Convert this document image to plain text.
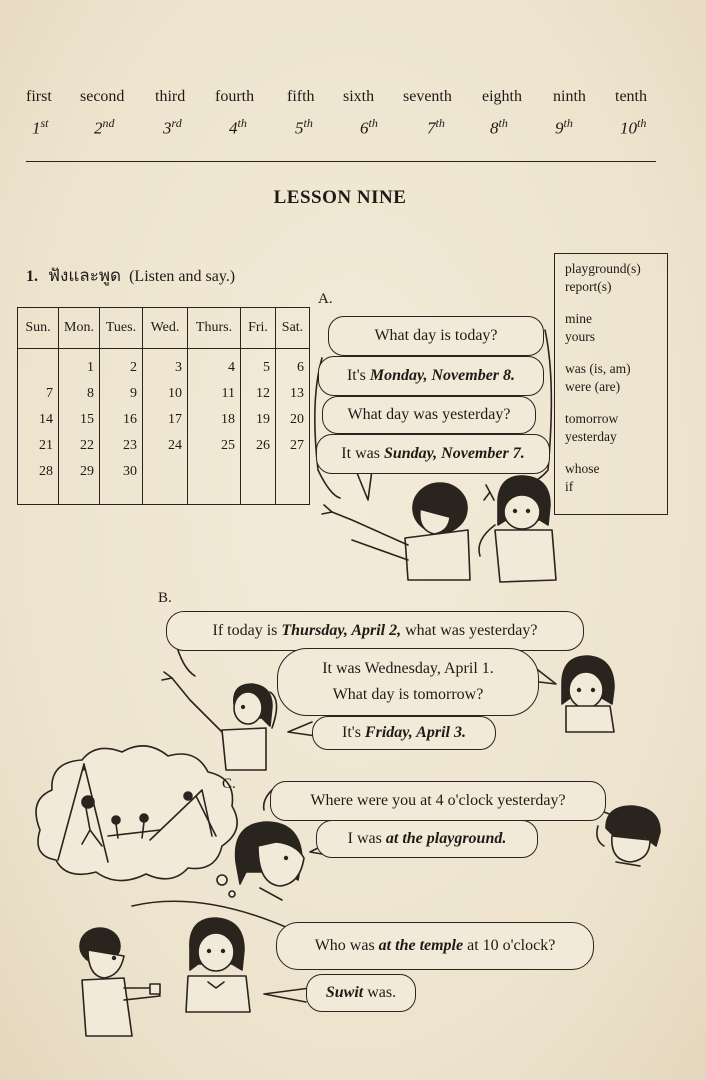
first second third fourth fifth sixth seventh eighth ninth tenth
1st	2nd	3rd	4th	5th	6th	7th	8th	9th	10th
LESSON NINE
1. ฟังและพูด (Listen and say.)	playground(s)
report(s)
mine
yours
was (is, am)
were (are)
tomorrow
yesterday
whose
if
Sun.	Mon.	Tues.	Wed.	Thurs.	Fri.	Sat.
	1	2	3	4	5	6
7	8	9	10	11	12	13
14	15	16	17	18	19	20
21	22	23	24	25	26	27
28	29	30				
A.
What day is today?
It's Monday, November 8.
What day was yesterday?
It was Sunday, November 7.
B.
If today is Thursday, April 2, what was yesterday?
It was Wednesday, April 1.
What day is tomorrow?
It's Friday, April 3.
C.
Where were you at 4 o'clock yesterday?
I was at the playground.
Who was at the temple at 10 o'clock?
Suwit was.
